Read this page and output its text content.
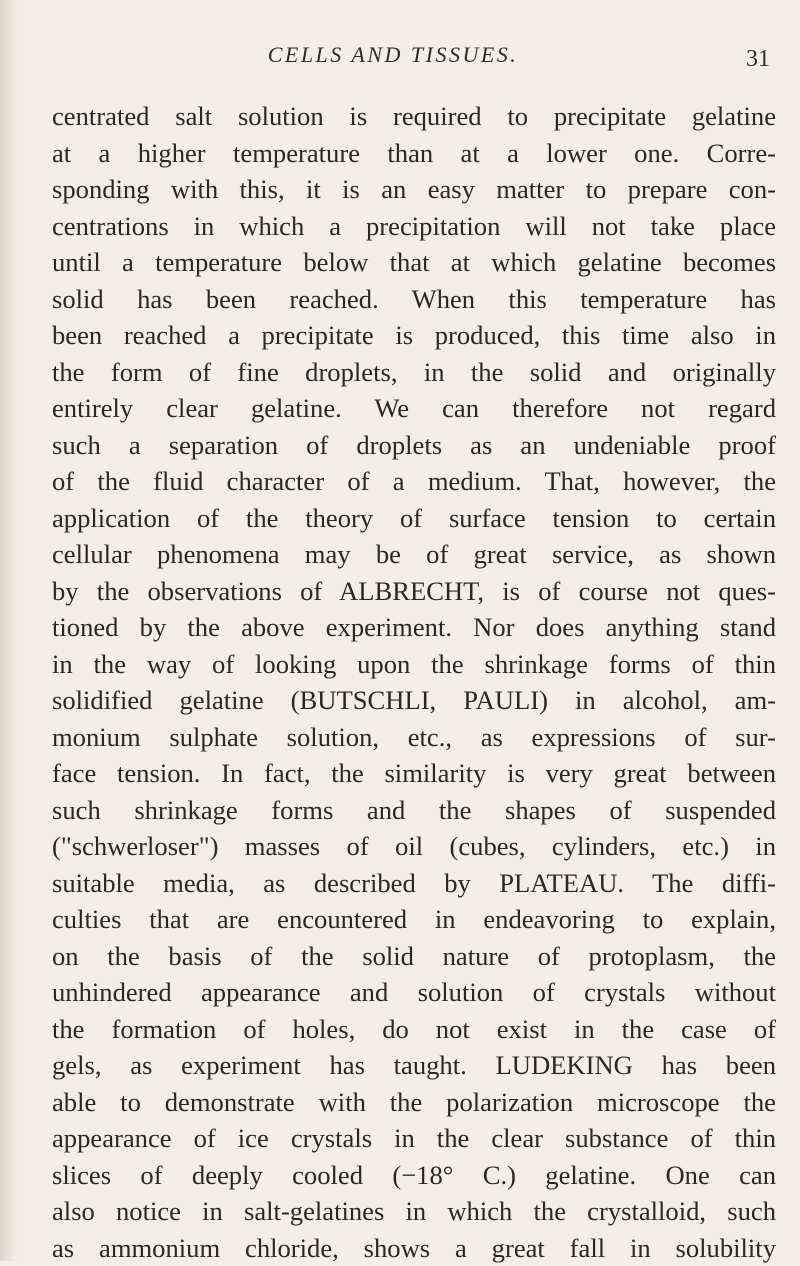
CELLS AND TISSUES.	31
centrated salt solution is required to precipitate gelatine
at a higher temperature than at a lower one. Corre-
sponding with this, it is an easy matter to prepare con-
centrations in which a precipitation will not take place
until a temperature below that at which gelatine becomes
solid has been reached. When this temperature has
been reached a precipitate is produced, this time also in
the form of fine droplets, in the solid and originally
entirely clear gelatine. We can therefore not regard
such a separation of droplets as an undeniable proof
of the fluid character of a medium. That, however, the
application of the theory of surface tension to certain
cellular phenomena may be of great service, as shown
by the observations of ALBRECHT, is of course not ques-
tioned by the above experiment. Nor does anything stand
in the way of looking upon the shrinkage forms of thin
solidified gelatine (BUTSCHLI, PAULI) in alcohol, am-
monium sulphate solution, etc., as expressions of sur-
face tension. In fact, the similarity is very great between
such shrinkage forms and the shapes of suspended
("schwerloser") masses of oil (cubes, cylinders, etc.) in
suitable media, as described by PLATEAU. The diffi-
culties that are encountered in endeavoring to explain,
on the basis of the solid nature of protoplasm, the
unhindered appearance and solution of crystals without
the formation of holes, do not exist in the case of
gels, as experiment has taught. LUDEKING has been
able to demonstrate with the polarization microscope the
appearance of ice crystals in the clear substance of thin
slices of deeply cooled (−18° C.) gelatine. One can
also notice in salt-gelatines in which the crystalloid, such
as ammonium chloride, shows a great fall in solubility
